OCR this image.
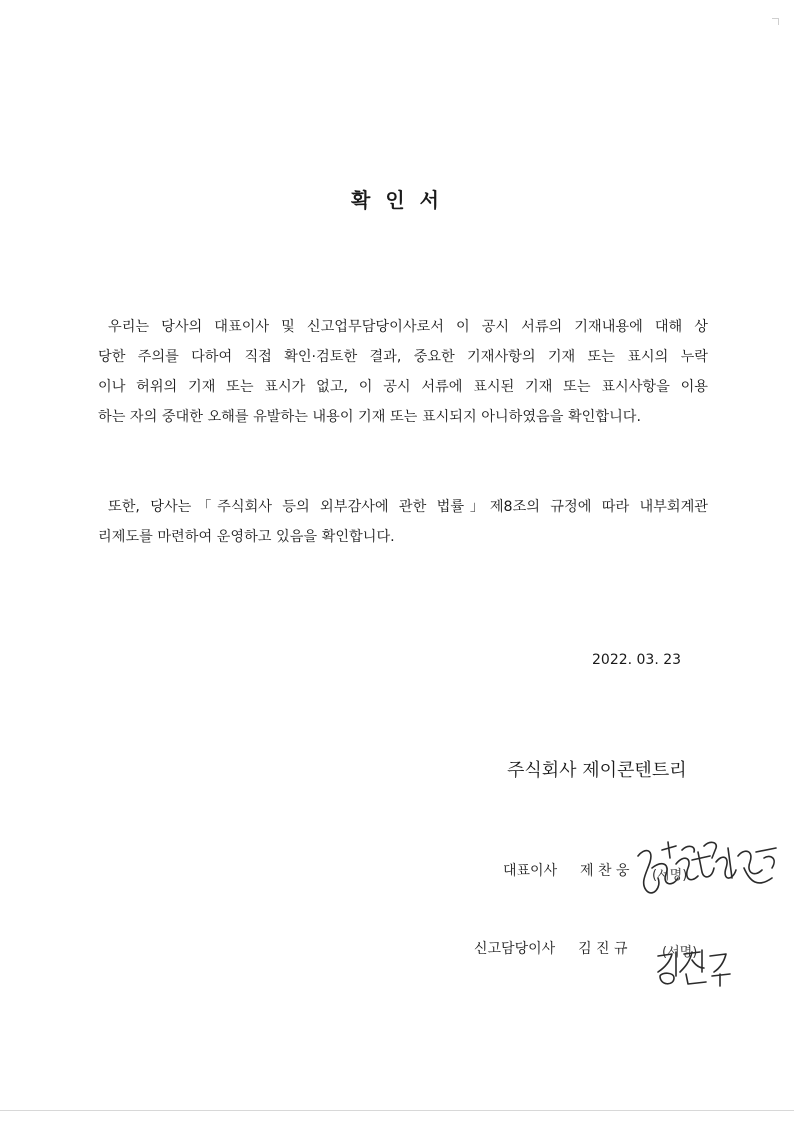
확 인 서
우리는 당사의 대표이사 및 신고업무담당이사로서 이 공시 서류의 기재내용에 대해 상
당한 주의를 다하여 직접 확인·검토한 결과, 중요한 기재사항의 기재 또는 표시의 누락
이나 허위의 기재 또는 표시가 없고, 이 공시 서류에 표시된 기재 또는 표시사항을 이용
하는 자의 중대한 오해를 유발하는 내용이 기재 또는 표시되지 아니하였음을 확인합니다.
또한, 당사는「주식회사 등의 외부감사에 관한 법률」제8조의 규정에 따라 내부회계관
리제도를 마련하여 운영하고 있음을 확인합니다.
2022. 03. 23
주식회사 제이콘텐트리
대표이사 제 찬 웅 (서명)
신고담당이사 김 진 규	(서명)
